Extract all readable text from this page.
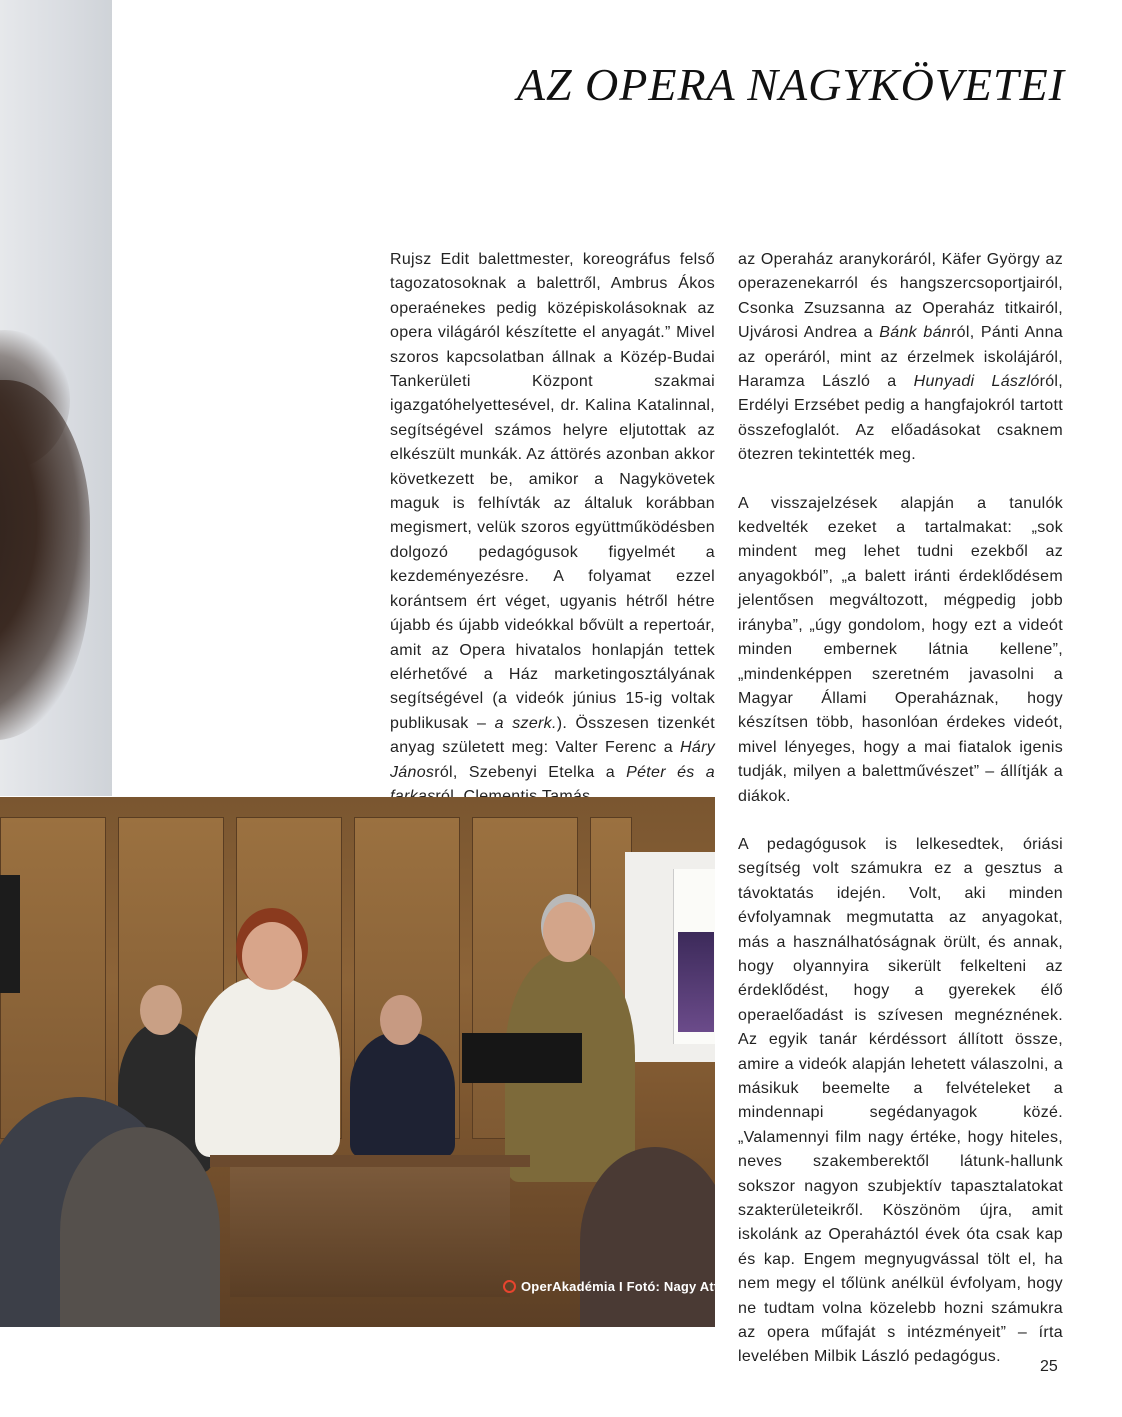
AZ OPERA NAGYKÖVETEI

Rujsz Edit balettmester, koreográfus felső tagozatosoknak a balettről, Ambrus Ákos operaénekes pedig középiskolásoknak az opera világáról készítette el anyagát.” Mivel szoros kapcsolatban állnak a Közép-Budai Tankerületi Központ szakmai igazgatóhelyettesével, dr. Kalina Katalinnal, segítségével számos helyre eljutottak az elkészült munkák. Az áttörés azonban akkor következett be, amikor a Nagykövetek maguk is felhívták az általuk korábban megismert, velük szoros együttműködésben dolgozó pedagógusok figyelmét a kezdeményezésre. A folyamat ezzel korántsem ért véget, ugyanis hétről hétre újabb és újabb videókkal bővült a repertoár, amit az Opera hivatalos honlapján tettek elérhetővé a Ház marketingosztályának segítségével (a videók június 15-ig voltak publikusak – a szerk.). Összesen tizenkét anyag született meg: Valter Ferenc a Háry Jánosról, Szebenyi Etelka a Péter és a

az Operaház aranykoráról, Käfer György az operazenekarról és hangszercsoportjairól, Csonka Zsuzsanna az Operaház titkairól, Ujvárosi Andrea a Bánk bánról, Pánti Anna az operáról, mint az érzelmek iskolájáról, Haramza László a Hunyadi Lászlóról, Erdélyi Erzsébet pedig a hangfajokról tartott összefoglalót. Az előadásokat csaknem ötezren tekintették meg.

A visszajelzések alapján a tanulók kedvelték ezeket a tartalmakat: „sok mindent meg lehet tudni ezekből az anyagokból”, „a balett iránti érdeklődésem jelentősen megváltozott, mégpedig jobb irányba”, „úgy gondolom, hogy ezt a videót minden embernek látnia kellene”, „mindenképpen szeretném javasolni a Magyar Állami Operaháznak, hogy készítsen több, hasonlóan érdekes videót, mivel lényeges, hogy a mai fiatalok igenis tudják, milyen a balettművészet” – állítják a diákok.

A pedagógusok is lelkesedtek, óriási segítség volt számukra ez a gesztus a távoktatás idején. Volt, aki minden évfolyamnak megmutatta az anyagokat, más a használhatóságnak örült, és annak, hogy olyannyira sikerült felkelteni az érdeklődést, hogy a gyerekek élő operaelőadást is szívesen megnéznének. Az egyik tanár kérdéssort állított össze, amire a videók alapján lehetett válaszolni, a másikuk beemelte a felvételeket a mindennapi segédanyagok közé. „Valamennyi film nagy értéke, hogy hiteles, neves szakemberektől látunk-hallunk sokszor nagyon szubjektív tapasztalatokat szakterületeikről. Köszönöm újra, amit iskolánk az Operaháztól évek óta csak kap és kap. Engem megnyugvással tölt el, ha nem megy el tőlünk anélkül évfolyam, hogy ne tudtam volna közelebb hozni számukra az opera műfaját s intézményeit” – írta levelében Milbik László pedagógus.

OperAkadémia I Fotó: Nagy Attila
25
